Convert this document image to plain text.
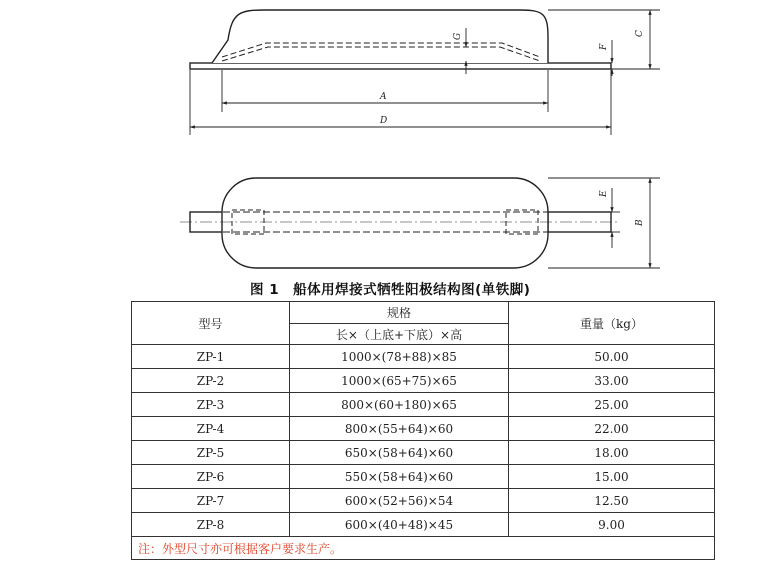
A
D
C
F
G
B
E
图 1 船体用焊接式牺牲阳极结构图(单铁脚)
型号	规格	重量（kg）
	长×（上底+下底）×高	
ZP-1	1000×(78+88)×85	50.00
ZP-2	1000×(65+75)×65	33.00
ZP-3	800×(60+180)×65	25.00
ZP-4	800×(55+64)×60	22.00
ZP-5	650×(58+64)×60	18.00
ZP-6	550×(58+64)×60	15.00
ZP-7	600×(52+56)×54	12.50
ZP-8	600×(40+48)×45	9.00
注：外型尺寸亦可根据客户要求生产。		
